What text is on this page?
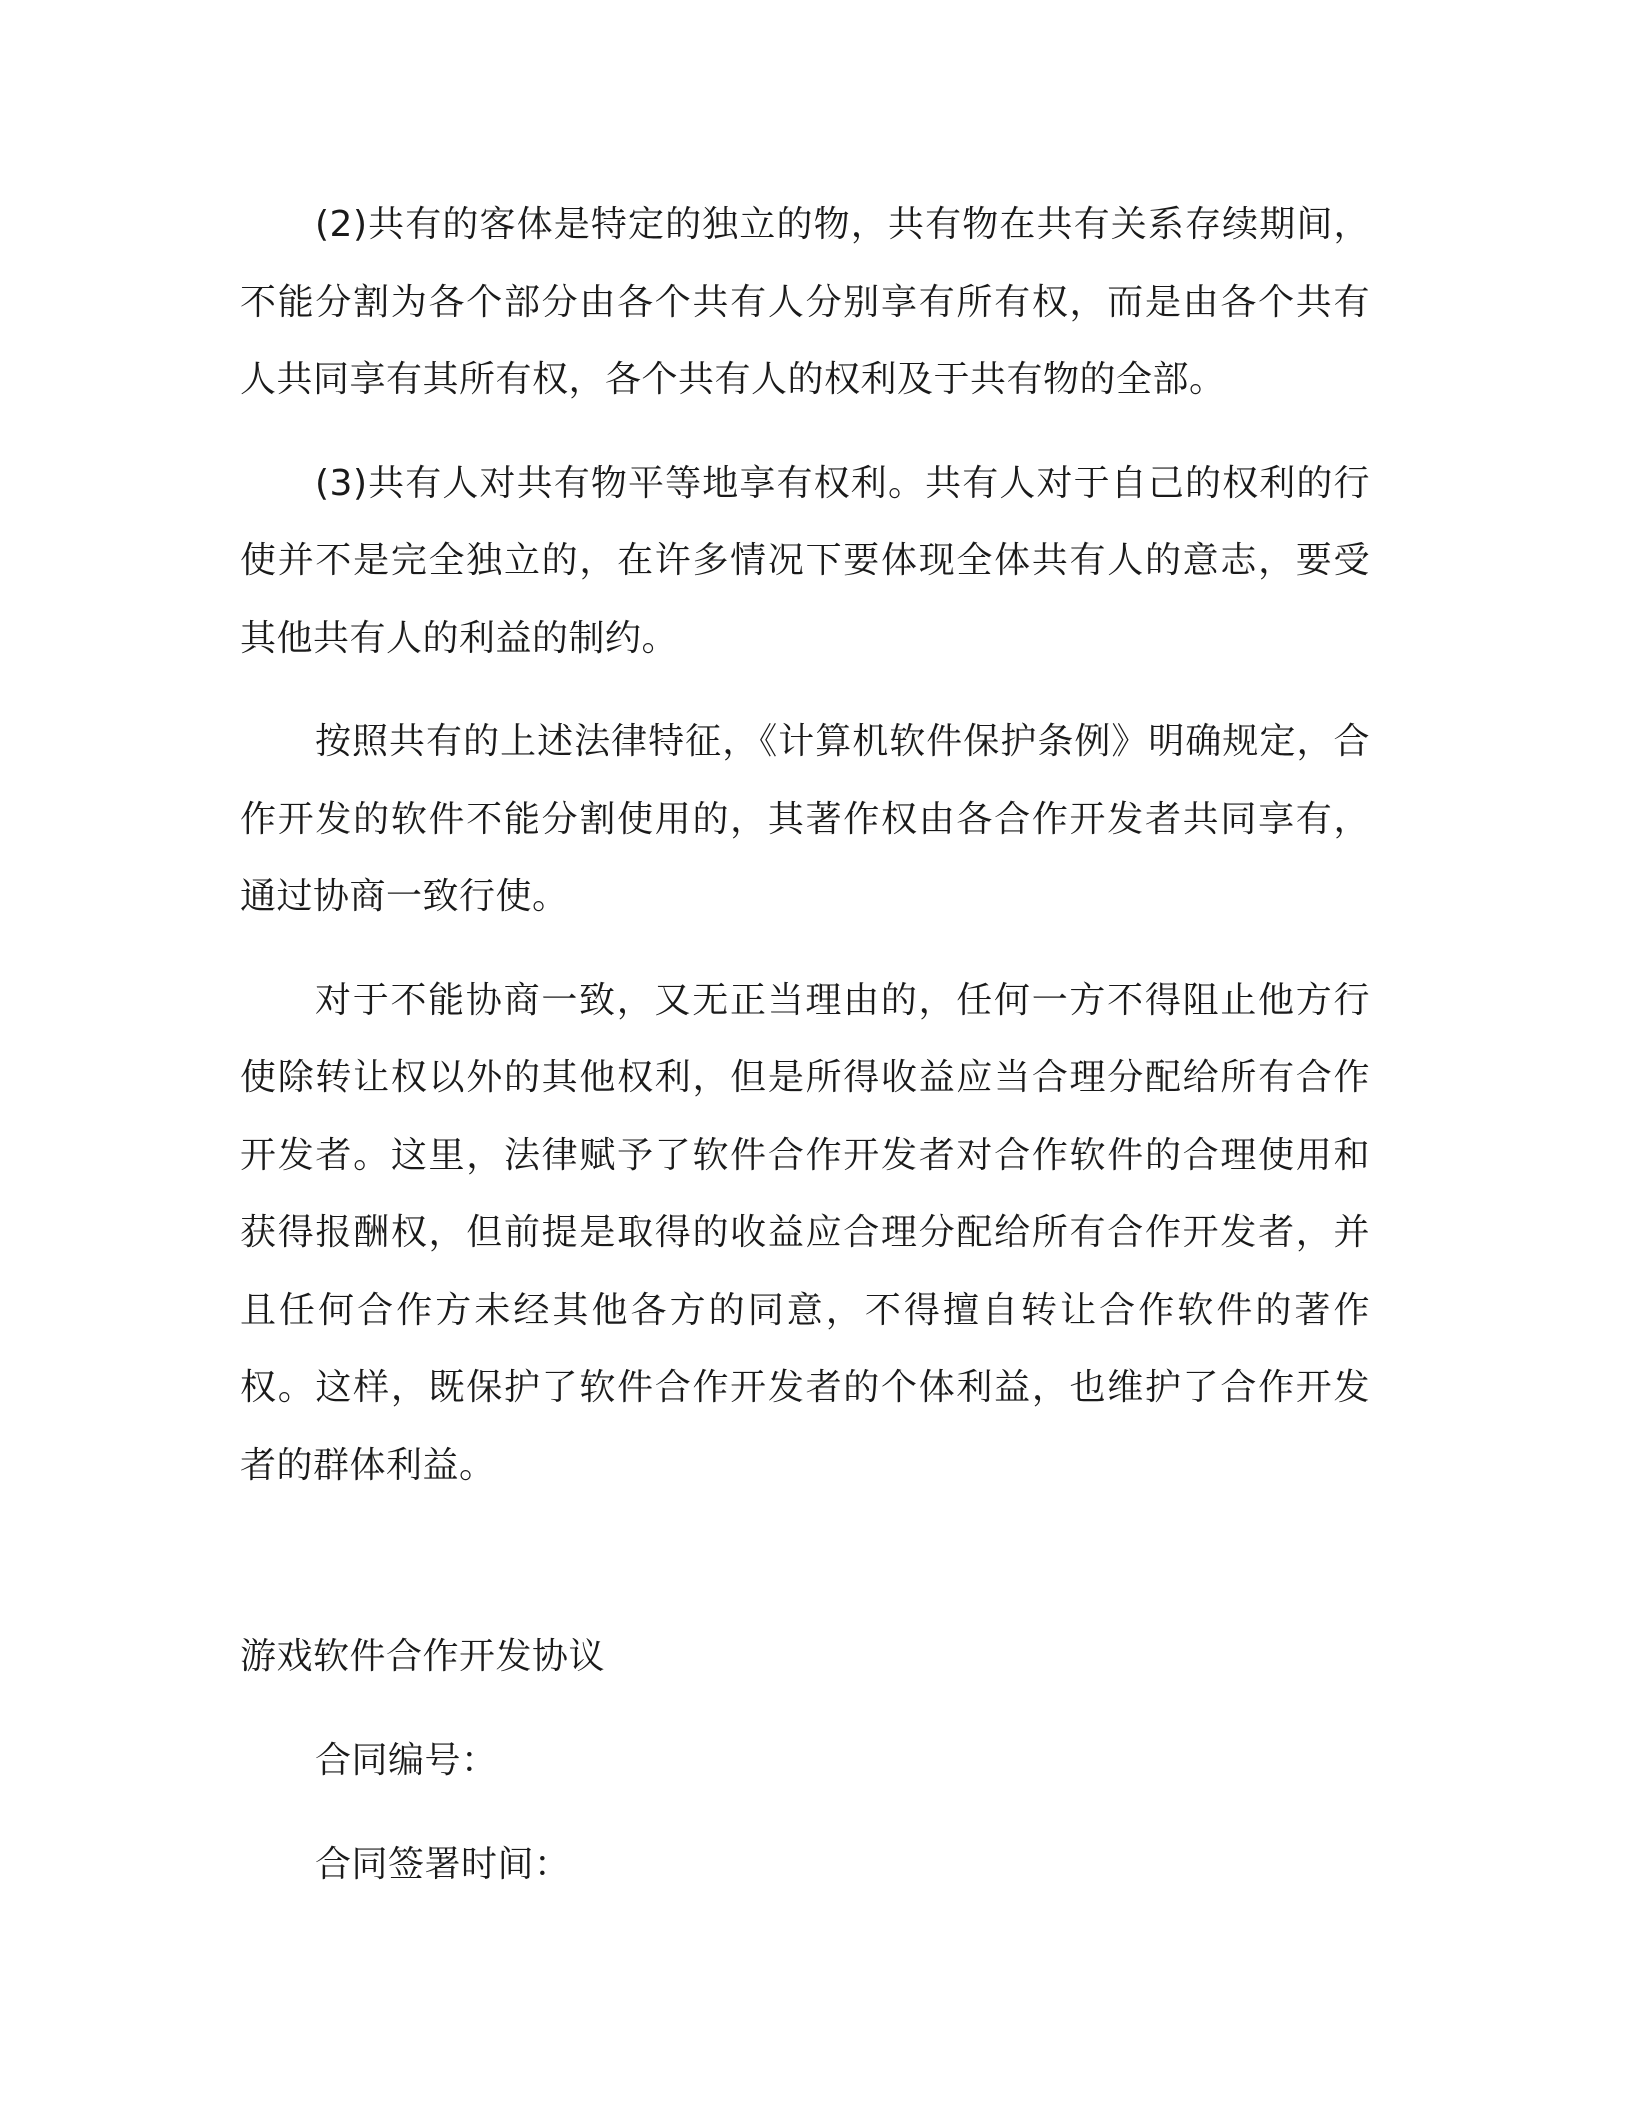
(2)共有的客体是特定的独立的物，共有物在共有关系存续期间，不能分割为各个部分由各个共有人分别享有所有权，而是由各个共有人共同享有其所有权，各个共有人的权利及于共有物的全部。

(3)共有人对共有物平等地享有权利。共有人对于自己的权利的行使并不是完全独立的，在许多情况下要体现全体共有人的意志，要受其他共有人的利益的制约。

按照共有的上述法律特征，《计算机软件保护条例》明确规定，合作开发的软件不能分割使用的，其著作权由各合作开发者共同享有，通过协商一致行使。

对于不能协商一致，又无正当理由的，任何一方不得阻止他方行使除转让权以外的其他权利，但是所得收益应当合理分配给所有合作开发者。这里，法律赋予了软件合作开发者对合作软件的合理使用和获得报酬权，但前提是取得的收益应合理分配给所有合作开发者，并且任何合作方未经其他各方的同意，不得擅自转让合作软件的著作权。这样，既保护了软件合作开发者的个体利益，也维护了合作开发者的群体利益。

游戏软件合作开发协议

合同编号：

合同签署时间：
